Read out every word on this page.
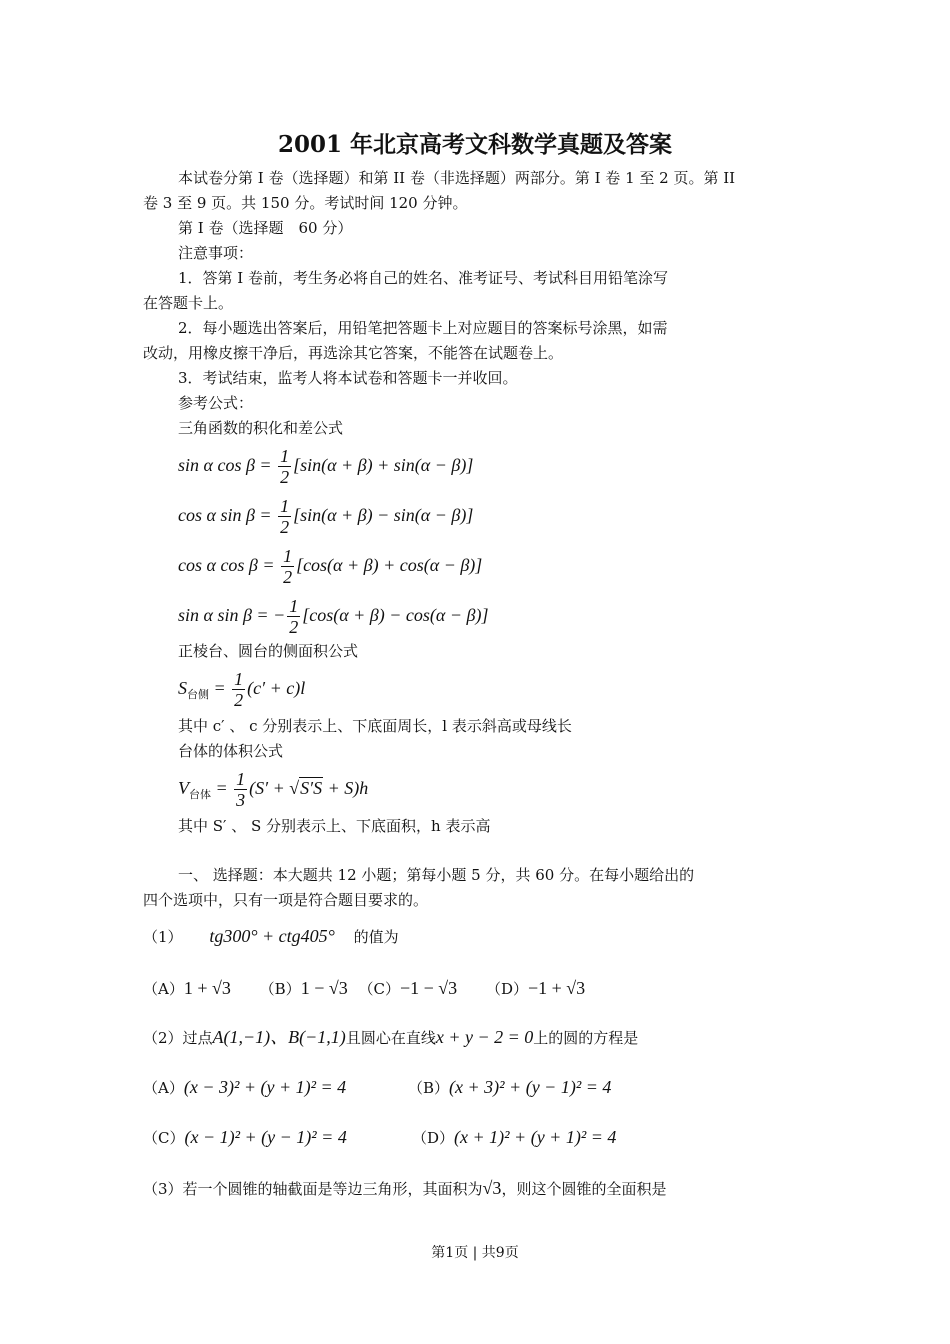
2001 年北京高考文科数学真题及答案
本试卷分第 I 卷（选择题）和第 II 卷（非选择题）两部分。第 I 卷 1 至 2 页。第 II
卷 3 至 9 页。共 150 分。考试时间 120 分钟。
第 I 卷（选择题　60 分）
注意事项：
1．答第 I 卷前，考生务必将自己的姓名、准考证号、考试科目用铅笔涂写
在答题卡上。
2．每小题选出答案后，用铅笔把答题卡上对应题目的答案标号涂黑，如需
改动，用橡皮擦干净后，再选涂其它答案，不能答在试题卷上。
3．考试结束，监考人将本试卷和答题卡一并收回。
参考公式：
三角函数的积化和差公式
sin α $\cos \beta = \frac{1}{2} [\sin(\alpha + \beta) + \sin(\alpha - \beta)]$
cos α $\sin \beta = \frac{1}{2} [\sin(\alpha + \beta) - \sin(\alpha - \beta)]$
cos α $\cos \beta = \frac{1}{2} [\cos(\alpha + \beta) + \cos(\alpha - \beta)]$
sin α sin β = − $\frac{1}{2} [\cos(\alpha + \beta) - \cos(\alpha - \beta)]$
正棱台、圆台的侧面积公式
$S_{台侧} = \frac{1}{2} (c' + c)l$
其中 c′ 、 c 分别表示上、下底面周长，l 表示斜高或母线长
台体的体积公式
$V_{台体} = \frac{1}{3} (S' + √S'S + S)h$
其中 S′ 、 S 分别表示上、下底面积，h 表示高
一、 选择题：本大题共 12 小题；第每小题 5 分，共 60 分。在每小题给出的
四个选项中，只有一项是符合题目要求的。
（1） tg300° + ctg405° 的值为
（A）1 + √3 （B）1 − √3 （C）−1 − √3 （D）−1 + √3
（2）过点A(1,−1)、B(−1,1)且圆心在直线x + y − 2 = 0上的圆的方程是
（A）(x − 3)² + (y + 1)² = 4	（B）(x + 3)² + (y − 1)² = 4
（C）(x − 1)² + (y − 1)² = 4	（D）(x + 1)² + (y + 1)² = 4
（3）若一个圆锥的轴截面是等边三角形，其面积为√3，则这个圆锥的全面积是
第1页 | 共9页
